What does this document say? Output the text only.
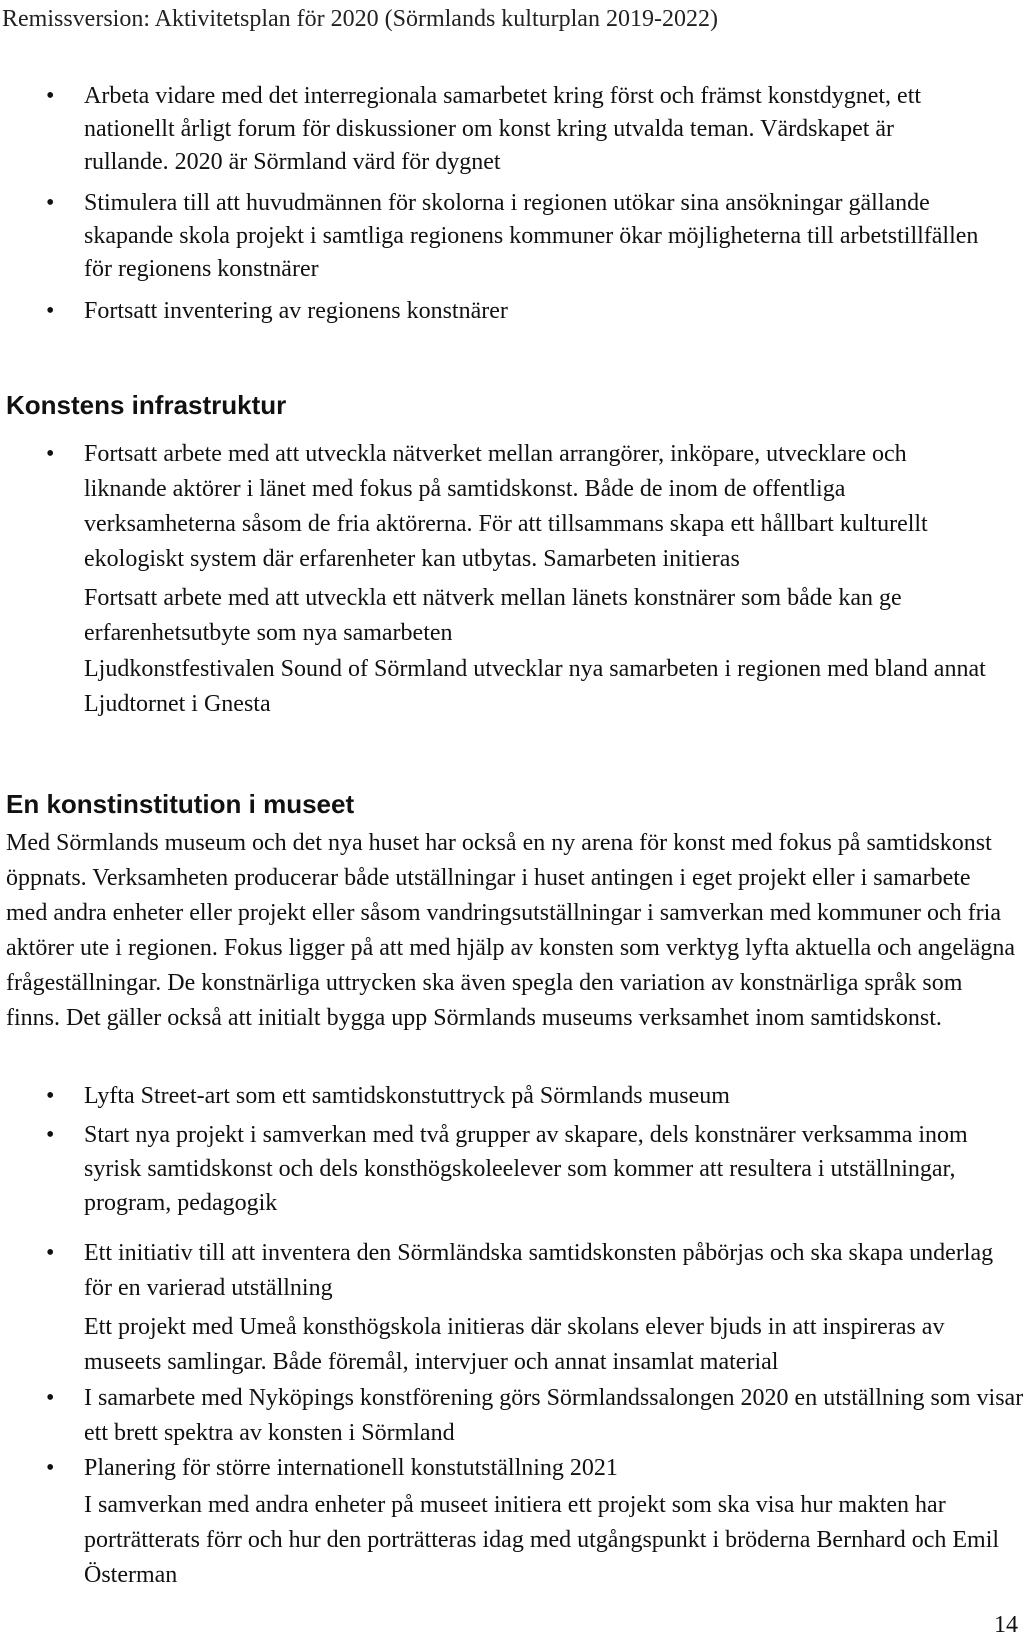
Remissversion: Aktivitetsplan för 2020 (Sörmlands kulturplan 2019-2022)
• Arbeta vidare med det interregionala samarbetet kring först och främst konstdygnet, ett nationellt årligt forum för diskussioner om konst kring utvalda teman. Värdskapet är rullande. 2020 är Sörmland värd för dygnet
• Stimulera till att huvudmännen för skolorna i regionen utökar sina ansökningar gällande skapande skola projekt i samtliga regionens kommuner ökar möjligheterna till arbetstillfällen för regionens konstnärer
• Fortsatt inventering av regionens konstnärer
Konstens infrastruktur
• Fortsatt arbete med att utveckla nätverket mellan arrangörer, inköpare, utvecklare och liknande aktörer i länet med fokus på samtidskonst. Både de inom de offentliga verksamheterna såsom de fria aktörerna. För att tillsammans skapa ett hållbart kulturellt ekologiskt system där erfarenheter kan utbytas. Samarbeten initieras
Fortsatt arbete med att utveckla ett nätverk mellan länets konstnärer som både kan ge erfarenhetsutbyte som nya samarbeten
Ljudkonstfestivalen Sound of Sörmland utvecklar nya samarbeten i regionen med bland annat Ljudtornet i Gnesta
En konstinstitution i museet
Med Sörmlands museum och det nya huset har också en ny arena för konst med fokus på samtidskonst öppnats. Verksamheten producerar både utställningar i huset antingen i eget projekt eller i samarbete med andra enheter eller projekt eller såsom vandringsutställningar i samverkan med kommuner och fria aktörer ute i regionen. Fokus ligger på att med hjälp av konsten som verktyg lyfta aktuella och angelägna frågeställningar. De konstnärliga uttrycken ska även spegla den variation av konstnärliga språk som finns. Det gäller också att initialt bygga upp Sörmlands museums verksamhet inom samtidskonst.
• Lyfta Street-art som ett samtidskonstuttryck på Sörmlands museum
• Start nya projekt i samverkan med två grupper av skapare, dels konstnärer verksamma inom syrisk samtidskonst och dels konsthögskoleelever som kommer att resultera i utställningar, program, pedagogik
• Ett initiativ till att inventera den Sörmländska samtidskonsten påbörjas och ska skapa underlag för en varierad utställning
Ett projekt med Umeå konsthögskola initieras där skolans elever bjuds in att inspireras av museets samlingar. Både föremål, intervjuer och annat insamlat material
• I samarbete med Nyköpings konstförening görs Sörmlandssalongen 2020 en utställning som visar ett brett spektra av konsten i Sörmland
• Planering för större internationell konstutställning 2021
I samverkan med andra enheter på museet initiera ett projekt som ska visa hur makten har porträtterats förr och hur den porträtteras idag med utgångspunkt i bröderna Bernhard och Emil Österman
14
